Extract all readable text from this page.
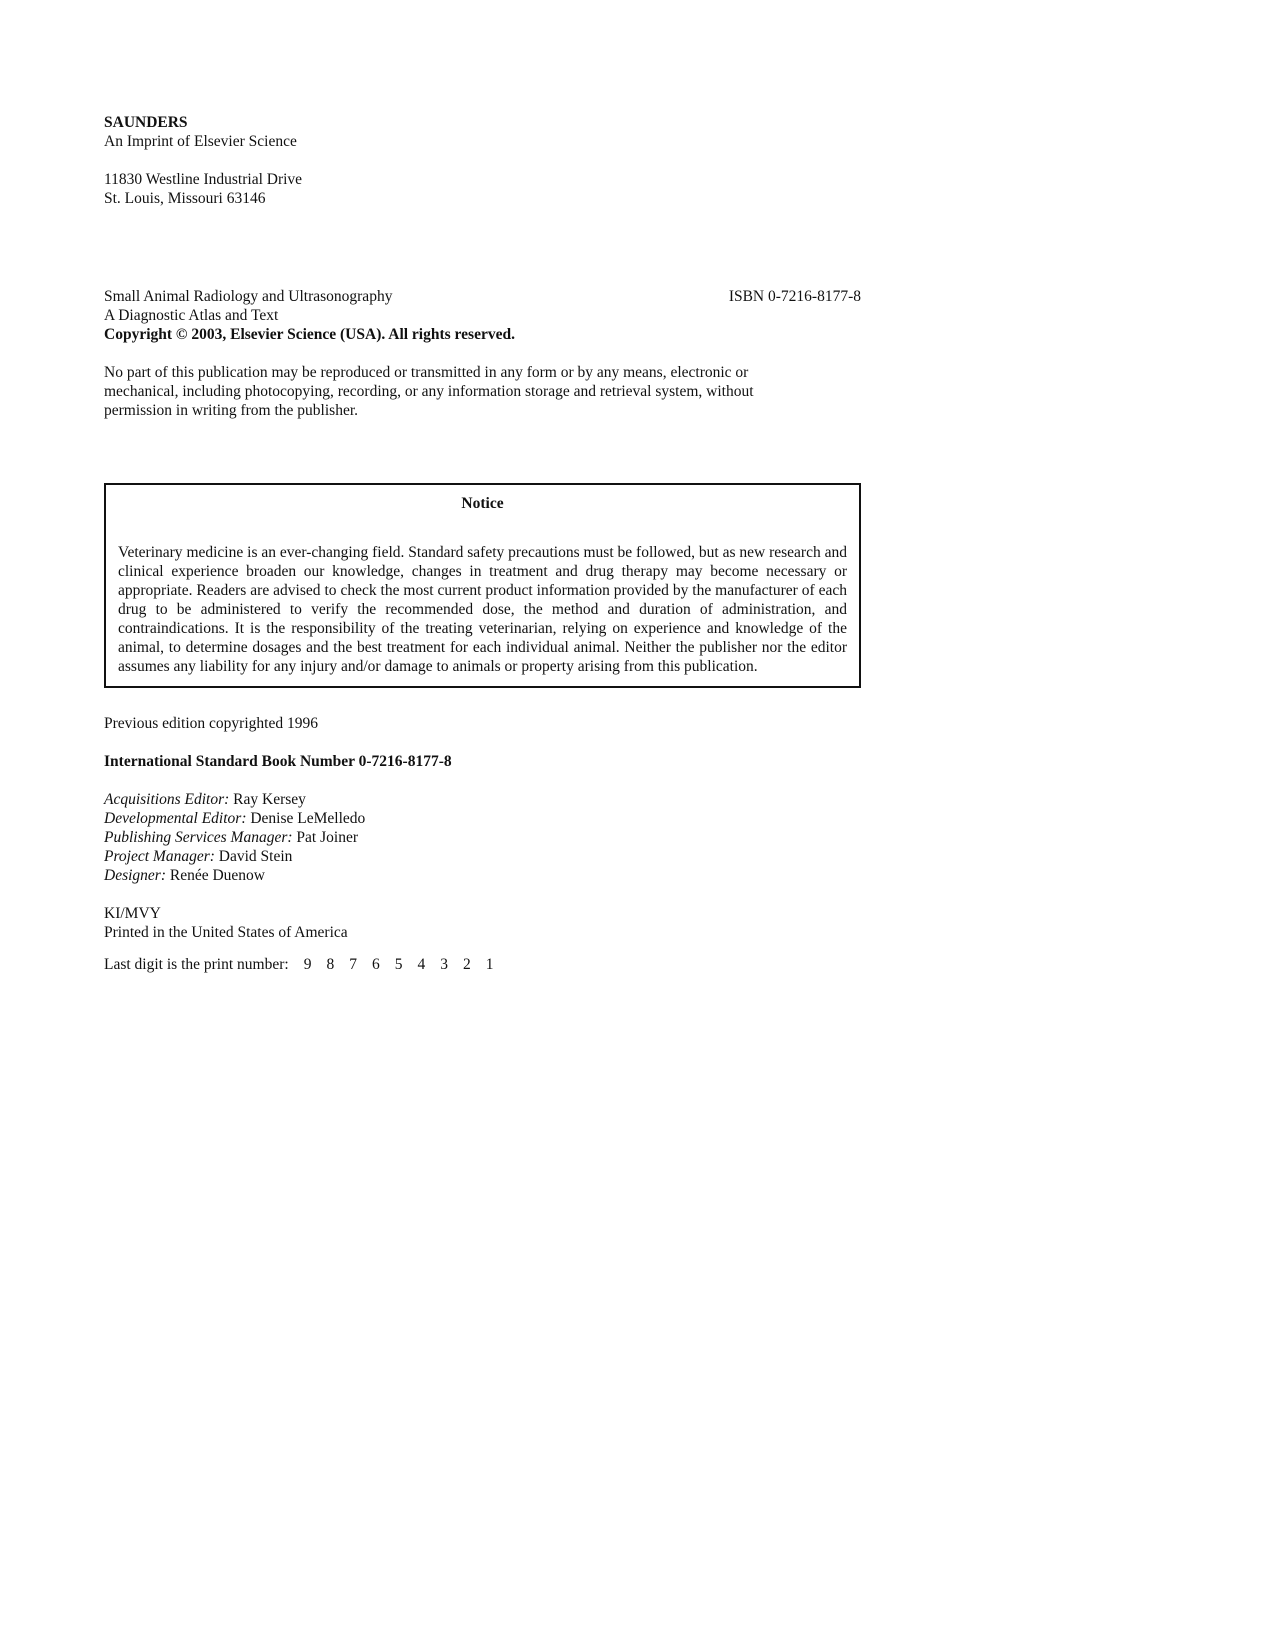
SAUNDERS
An Imprint of Elsevier Science
11830 Westline Industrial Drive
St. Louis, Missouri 63146
Small Animal Radiology and Ultrasonography	ISBN 0-7216-8177-8
A Diagnostic Atlas and Text
Copyright © 2003, Elsevier Science (USA). All rights reserved.
No part of this publication may be reproduced or transmitted in any form or by any means, electronic or
mechanical, including photocopying, recording, or any information storage and retrieval system, without
permission in writing from the publisher.
Notice
Veterinary medicine is an ever-changing field. Standard safety precautions must be followed, but as new research and clinical experience broaden our knowledge, changes in treatment and drug therapy may become necessary or appropriate. Readers are advised to check the most current product information provided by the manufacturer of each drug to be administered to verify the recommended dose, the method and duration of administration, and contraindications. It is the responsibility of the treating veterinarian, relying on experience and knowledge of the animal, to determine dosages and the best treatment for each individual animal. Neither the publisher nor the editor assumes any liability for any injury and/or damage to animals or property arising from this publication.
Previous edition copyrighted 1996
International Standard Book Number 0-7216-8177-8
Acquisitions Editor: Ray Kersey
Developmental Editor: Denise LeMelledo
Publishing Services Manager: Pat Joiner
Project Manager: David Stein
Designer: Renée Duenow
KI/MVY
Printed in the United States of America
Last digit is the print number: 9 8 7 6 5 4 3 2 1
